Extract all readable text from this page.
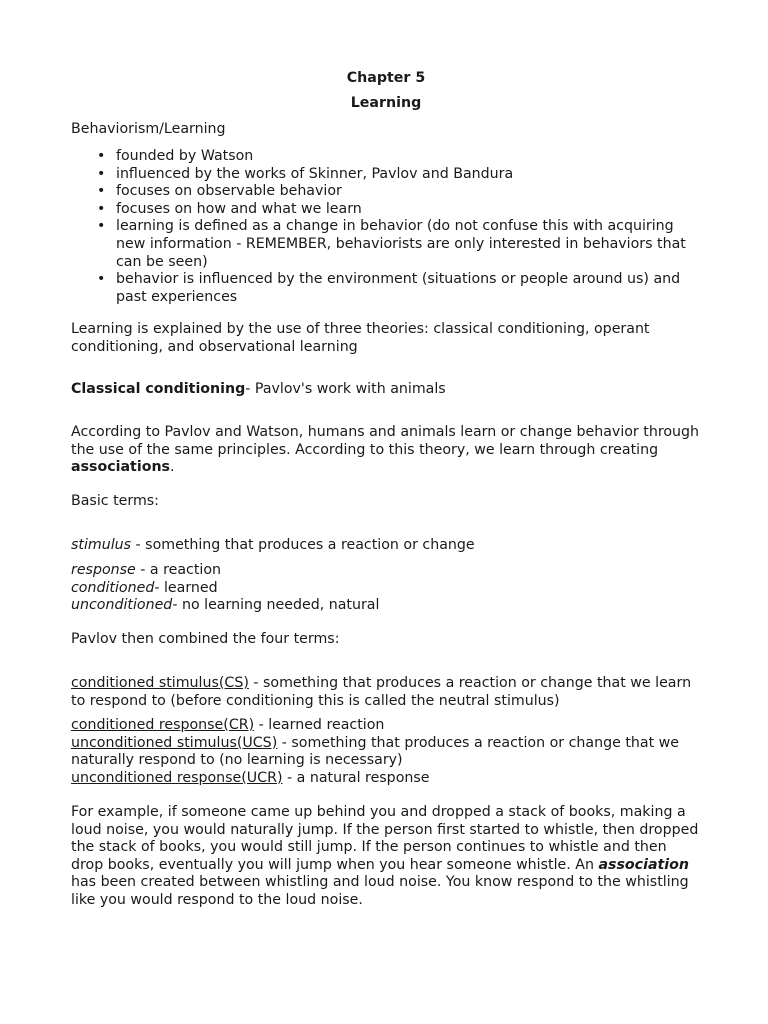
Chapter 5
Learning
Behaviorism/Learning
• founded by Watson
• influenced by the works of Skinner, Pavlov and Bandura
• focuses on observable behavior
• focuses on how and what we learn
• learning is defined as a change in behavior (do not confuse this with acquiring new information - REMEMBER, behaviorists are only interested in behaviors that can be seen)
• behavior is influenced by the environment (situations or people around us) and past experiences
Learning is explained by the use of three theories: classical conditioning, operant conditioning, and observational learning
Classical conditioning- Pavlov's work with animals
According to Pavlov and Watson, humans and animals learn or change behavior through the use of the same principles. According to this theory, we learn through creating associations.
Basic terms:
stimulus - something that produces a reaction or change
response - a reaction
conditioned- learned
unconditioned- no learning needed, natural
Pavlov then combined the four terms:
conditioned stimulus(CS) - something that produces a reaction or change that we learn to respond to (before conditioning this is called the neutral stimulus)
conditioned response(CR) - learned reaction
unconditioned stimulus(UCS) - something that produces a reaction or change that we naturally respond to (no learning is necessary)
unconditioned response(UCR) - a natural response
For example, if someone came up behind you and dropped a stack of books, making a loud noise, you would naturally jump. If the person first started to whistle, then dropped the stack of books, you would still jump. If the person continues to whistle and then drop books, eventually you will jump when you hear someone whistle. An association has been created between whistling and loud noise. You know respond to the whistling like you would respond to the loud noise.
